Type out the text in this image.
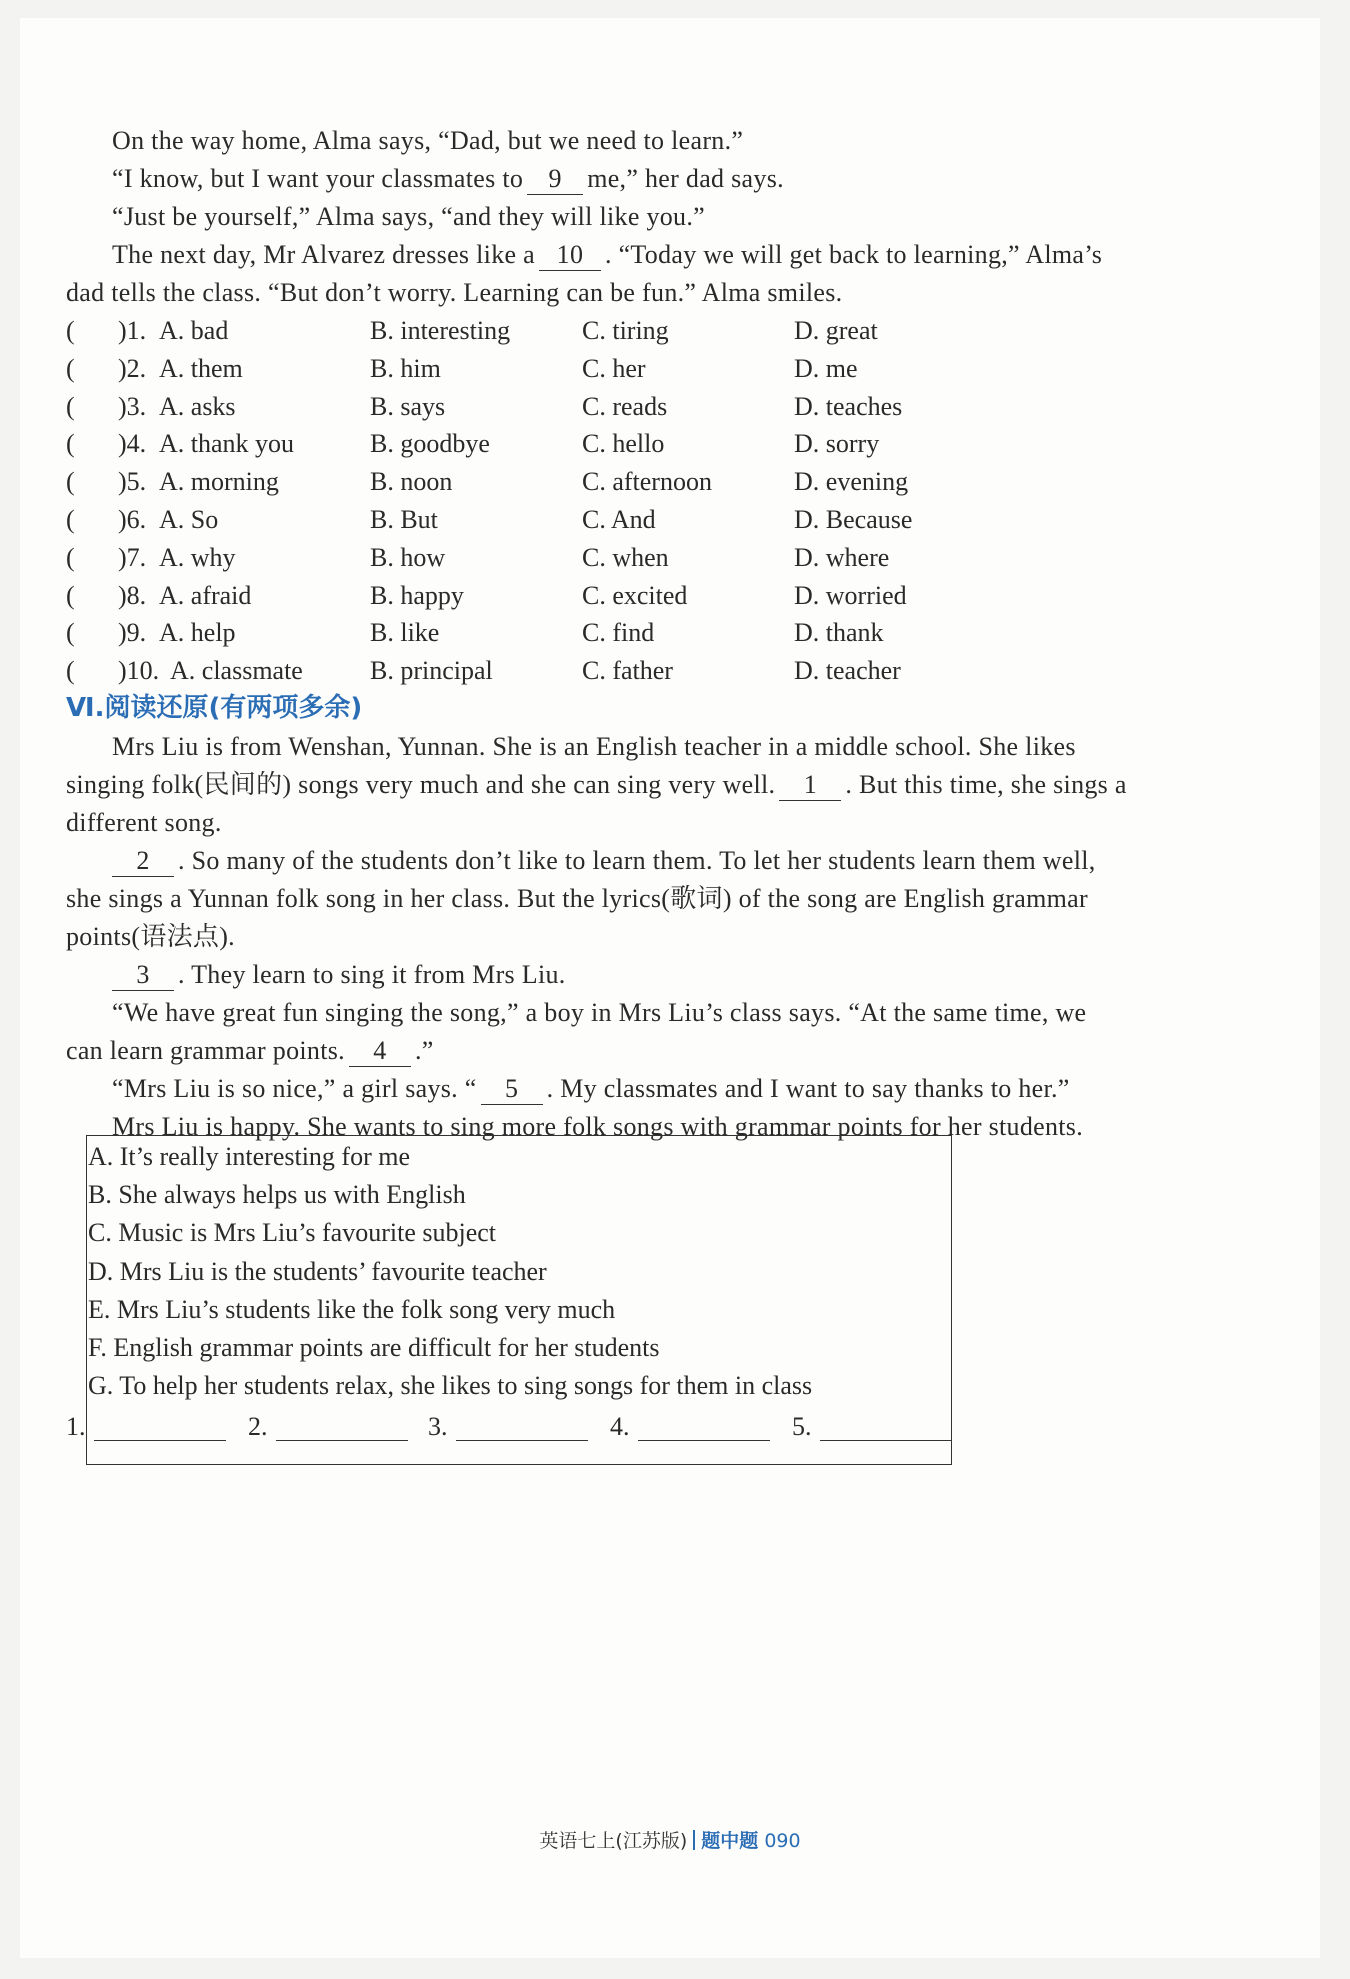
On the way home, Alma says, “Dad, but we need to learn.”
“I know, but I want your classmates to 9 me,” her dad says.
“Just be yourself,” Alma says, “and they will like you.”
The next day, Mr Alvarez dresses like a 10 . “Today we will get back to learning,” Alma’s
dad tells the class. “But don’t worry. Learning can be fun.” Alma smiles.
( )1. A. bad	B. interesting	C. tiring	D. great
( )2. A. them	B. him	C. her	D. me
( )3. A. asks	B. says	C. reads	D. teaches
( )4. A. thank you	B. goodbye	C. hello	D. sorry
( )5. A. morning	B. noon	C. afternoon	D. evening
( )6. A. So	B. But	C. And	D. Because
( )7. A. why	B. how	C. when	D. where
( )8. A. afraid	B. happy	C. excited	D. worried
( )9. A. help	B. like	C. find	D. thank
( )10. A. classmate	B. principal	C. father	D. teacher
Ⅵ.阅读还原(有两项多余)
Mrs Liu is from Wenshan, Yunnan. She is an English teacher in a middle school. She likes
singing folk(民间的) songs very much and she can sing very well. 1 . But this time, she sings a
different song.
2 . So many of the students don’t like to learn them. To let her students learn them well,
she sings a Yunnan folk song in her class. But the lyrics(歌词) of the song are English grammar
points(语法点).
3 . They learn to sing it from Mrs Liu.
“We have great fun singing the song,” a boy in Mrs Liu’s class says. “At the same time, we
can learn grammar points. 4 .”
“Mrs Liu is so nice,” a girl says. “ 5 . My classmates and I want to say thanks to her.”
Mrs Liu is happy. She wants to sing more folk songs with grammar points for her students.
A. It’s really interesting for me
B. She always helps us with English
C. Music is Mrs Liu’s favourite subject
D. Mrs Liu is the students’ favourite teacher
E. Mrs Liu’s students like the folk song very much
F. English grammar points are difficult for her students
G. To help her students relax, she likes to sing songs for them in class
1.	2.	3.	4.	5.
英语七上(江苏版) 题中题 090
